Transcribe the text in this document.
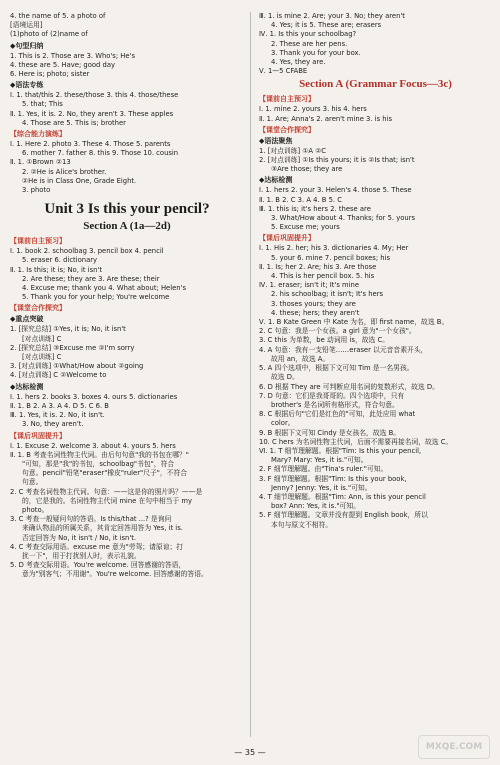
4. the name of 5. a photo of
[语境运用]
(1)photo of (2)name of
◆句型归纳
1. This is 2. Those are 3. Who's; He's
4. these are 5. Have; good day
6. Here is; photo; sister
◆语法专练
Ⅰ. 1. that/this 2. these/those 3. this 4. those/these
5. that; This
Ⅱ. 1. Yes, it is. 2. No, they aren't 3. These apples
4. Those are 5. This is; brother
【综合能力演练】
Ⅰ. 1. Here 2. photo 3. These 4. Those 5. parents
6. mother 7. father 8. this 9. Those 10. cousin
Ⅱ. 1. ①Brown ②13
2. ②He is Alice's brother.
②He is in Class One, Grade Eight.
3. photo
Unit 3 Is this your pencil?
Section A (1a—2d)
【课前自主预习】
Ⅰ. 1. book 2. schoolbag 3. pencil box 4. pencil
5. eraser 6. dictionary
Ⅱ. 1. Is this; it is; No, it isn't
2. Are these; they are 3. Are these; their
4. Excuse me; thank you 4. What about; Helen's
5. Thank you for your help; You're welcome
【课堂合作探究】
◆重点突破
1. [探究总结] ①Yes, it is; No, it isn't
[对点训练] C
2. [探究总结] ③Excuse me ②I'm sorry
[对点训练] C
3. [对点训练] ①What/How about ②going
4. [对点训练] C ②Welcome to
◆达标检测
Ⅰ. 1. hers 2. books 3. boxes 4. ours 5. dictionaries
Ⅱ. 1. B 2. A 3. A 4. D 5. C 6. B
Ⅲ. 1. Yes, it is. 2. No, it isn't.
3. No, they aren't.
【课后巩固提升】
Ⅰ. 1. Excuse 2. welcome 3. about 4. yours 5. hers
Ⅱ. 1. B 考查名词性物主代词。由后句句意"我的书包在哪？"
"可知，那是"我"的书包，schoolbag"书包"，符合
句意。pencil"铅笔"eraser"橡皮"ruler"尺子"，不符合
句意。
2. C 考查名词性物主代词。句意：——这是你的照片吗？——是
的，它是我的。名词性物主代词 mine 在句中相当于 my
photo。
3. C 考查一般疑问句的答语。Is this/that ...? 是询问
来确认物品的所属关系，其肯定回答用答为 Yes, it is.
否定回答为 No, it isn't / No, it isn't.
4. C 考查交际用语。excuse me 意为"劳驾；请原谅；打
扰一下"，用于打扰别人时，表示礼貌。
5. D 考查交际用语。You're welcome. 回答感谢的答语，
意为"别客气；不用谢"。You're welcome. 回答感谢的答语。
Ⅲ. 1. is mine 2. Are; your 3. No; they aren't
4. Yes; it is 5. These are; erasers
Ⅳ. 1. Is this your schoolbag?
2. These are her pens.
3. Thank you for your box.
4. Yes, they are.
Ⅴ. 1—5 CFABE
Section A (Grammar Focus—3c)
【课前自主预习】
Ⅰ. 1. mine 2. yours 3. his 4. hers
Ⅱ. 1. Are; Anna's 2. aren't mine 3. is his
【课堂合作探究】
◆语法聚焦
1. [对点训练] ①A ②C
2. [对点训练] ①Is this yours; it is ②Is that; isn't
③Are those; they are
◆达标检测
Ⅰ. 1. hers 2. your 3. Helen's 4. those 5. These
Ⅱ. 1. B 2. C 3. A 4. B 5. C
Ⅲ. 1. this is; it's hers 2. these are
3. What/How about 4. Thanks; for 5. yours
5. Excuse me; yours
【课后巩固提升】
Ⅰ. 1. His 2. her; his 3. dictionaries 4. My; Her
5. your 6. mine 7. pencil boxes; his
Ⅱ. 1. Is; her 2. Are; his 3. Are those
4. This is her pencil box. 5. his
Ⅳ. 1. eraser; isn't it; It's mine
2. his schoolbag; it isn't; It's hers
3. thoses yours; they are
4. these; hers; they aren't
Ⅴ. 1. B Kate Green 中 Kate 为名，即 first name，故选 B。
2. C 句意：我是一个女孩。a girl 意为"一个女孩"。
3. C this 为单数，be 动词用 is，故选 C。
4. A 句意：我有一支铅笔……eraser 以元音音素开头，
故用 an，故选 A。
5. A 四个选项中，根据下文可知 Tim 是一名男孩。
故选 D。
6. D 根据 They are 可判断应用名词的复数形式，故选 D。
7. D 句意：它们是我哥哥的。四个选项中，只有
brother's 是名词所有格形式，符合句意。
8. C 根据后句"它们是红色的"可知，此处应用 what
color。
9. B 根据下文可知 Cindy 是女孩名，故选 B。
10. C hers 为名词性物主代词，后面不需要再接名词，故选 C。
Ⅵ. 1. T 细节理解题。根据"Tim: Is this your pencil,
Mary? Mary: Yes, it is."可知。
2. F 细节理解题。由"Tina's ruler."可知。
3. F 细节理解题。根据"Tim: Is this your book,
Jenny? Jenny: Yes, it is."可知。
4. T 细节理解题。根据"Tim: Ann, is this your pencil
box? Ann: Yes, it is."可知。
5. F 细节理解题。文章并没有提到 English book，所以
本句与原文不相符。
— 35 —
MXQE.COM
